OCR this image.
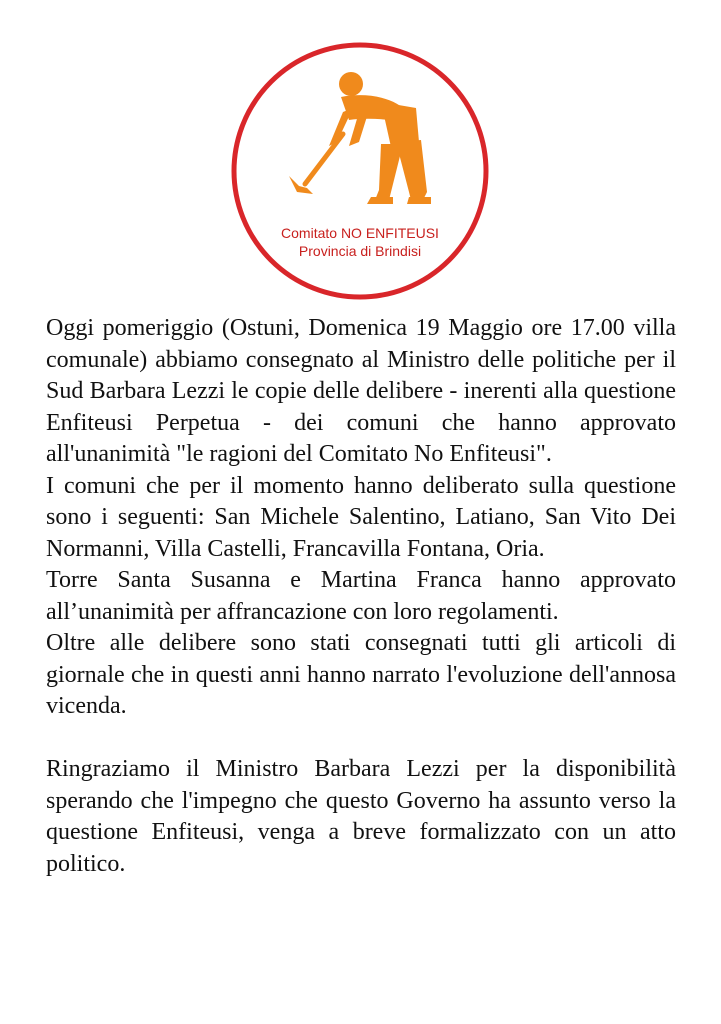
Comitato NO ENFITEUSI
Provincia di Brindisi

Oggi pomeriggio (Ostuni, Domenica 19 Maggio ore 17.00 villa comunale) abbiamo consegnato al Ministro delle politiche per il Sud Barbara Lezzi le copie delle delibere - inerenti alla questione Enfiteusi Perpetua - dei comuni che hanno approvato all'unanimità "le ragioni del Comitato No Enfiteusi".

I comuni che per il momento hanno deliberato sulla questione sono i seguenti: San Michele Salentino, Latiano, San Vito Dei Normanni, Villa Castelli, Francavilla Fontana, Oria.

Torre Santa Susanna e Martina Franca hanno approvato all’unanimità per affrancazione con loro regolamenti.

Oltre alle delibere sono stati consegnati tutti gli articoli di giornale che in questi anni hanno narrato l'evoluzione dell'annosa vicenda.

Ringraziamo il Ministro Barbara Lezzi per la disponibilità sperando che l'impegno che questo Governo ha assunto verso la questione Enfiteusi, venga a breve formalizzato con un atto politico.
